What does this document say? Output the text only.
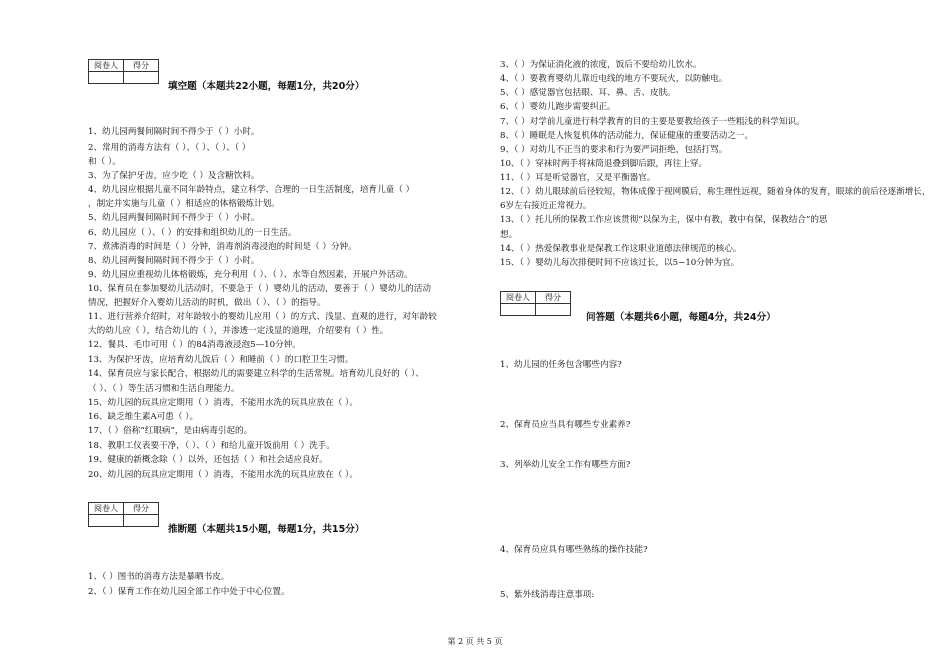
阅卷人	得分

填空题（本题共22小题，每题1分，共20分）
1、幼儿园两餐间隔时间不得少于（ ）小时。
2、常用的消毒方法有（ ）、（ ）、（ ）、（ ）
和（ ）。
3、为了保护牙齿，应少吃（ ）及含糖饮料。
4、幼儿园应根据儿童不同年龄特点，建立科学、合理的一日生活制度，培育儿童（ ）
，制定并实施与儿童（ ）相适应的体格锻炼计划。
5、幼儿园两餐间隔时间不得少于（ ）小时。
6、幼儿园应（ ）、（ ）的安排和组织幼儿的一日生活。
7、煮沸消毒的时间是（ ）分钟，消毒剂消毒浸泡的时间是（ ）分钟。
8、幼儿园两餐间隔时间不得少于（ ）小时。
9、幼儿园应重视幼儿体格锻炼，充分利用（ ）、（ ）、水等自然因素，开展户外活动。
10、保育员在参加婴幼儿活动时，不要急于（ ）婴幼儿的活动，要善于（ ）婴幼儿的活动
情况，把握好介入婴幼儿活动的时机，做出（ ）、（ ）的指导。
11、进行营养介绍时，对年龄较小的婴幼儿应用（ ）的方式、浅显、直观的进行，对年龄较
大的幼儿应（ ），结合幼儿的（ ），并渗透一定浅显的道理，介绍要有（ ）性。
12、餐具、毛巾可用（ ）的84消毒液浸泡5—10分钟。
13、为保护牙齿，应培育幼儿饭后（ ）和睡前（ ）的口腔卫生习惯。
14、保育员应与家长配合，根据幼儿的需要建立科学的生活常规。培育幼儿良好的（ ）、
（ ）、（ ）等生活习惯和生活自理能力。
15、幼儿园的玩具应定期用（ ）消毒，不能用水洗的玩具应放在（ ）。
16、缺乏维生素A可患（ ）。
17、（ ）俗称“红眼病”，是由病毒引起的。
18、教职工仪表要干净，（ ）、（ ）和给儿童开饭前用（ ）洗手。
19、健康的新概念除（ ）以外，还包括（ ）和社会适应良好。
20、幼儿园的玩具应定期用（ ）消毒，不能用水洗的玩具应放在（ ）。
阅卷人	得分

推断题（本题共15小题，每题1分，共15分）
1、（ ）图书的消毒方法是暴晒书皮。
2、（ ）保育工作在幼儿园全部工作中处于中心位置。
3、（ ）为保证消化液的浓度，饭后不要给幼儿饮水。
4、（ ）要教育婴幼儿靠近电线的地方不要玩火，以防触电。
5、（ ）感觉器官包括眼、耳、鼻、舌、皮肤。
6、（ ）婴幼儿跑步需要纠正。
7、（ ）对学前儿童进行科学教育的目的主要是要教给孩子一些粗浅的科学知识。
8、（ ）睡眠是人恢复机体的活动能力，保证健康的重要活动之一。
9、（ ）对幼儿不正当的要求和行为要严词拒绝，包括打骂。
10、（ ）穿袜时两手将袜筒退叠到脚后跟，再往上穿。
11、（ ）耳是听觉器官，又是平衡器官。
12、（ ）幼儿眼球前后径较短，物体成像于视网膜后，称生理性远视，随着身体的发育，眼球的前后径逐渐增长，
6岁左右接近正常视力。
13、（ ）托儿所的保教工作应该贯彻“以保为主，保中有教，教中有保，保教结合”的思
想。
14、（ ）热爱保教事业是保教工作这职业道德法律规范的核心。
15、（ ）婴幼儿每次排便时间不应该过长，以5~10分钟为宜。
阅卷人	得分

问答题（本题共6小题，每题4分，共24分）
1、幼儿园的任务包含哪些内容?
2、保育员应当具有哪些专业素养?
3、列举幼儿安全工作有哪些方面?
4、保育员应具有哪些熟练的操作技能?
5、紫外线消毒注意事项:
第 2 页 共 5 页
